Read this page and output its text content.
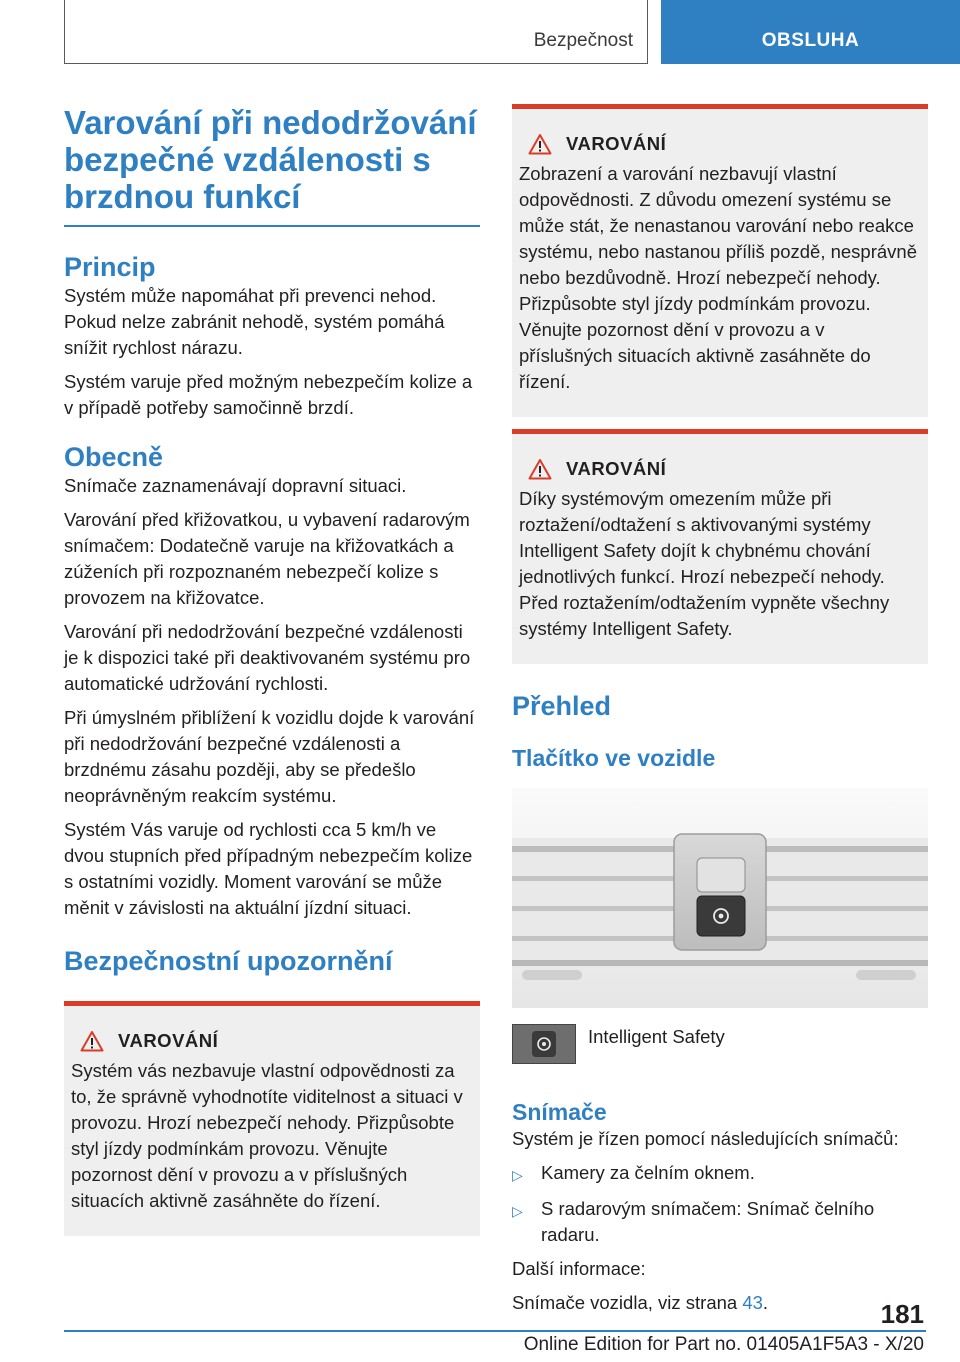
Bezpečnost	OBSLUHA
Varování při nedodržování bezpečné vzdálenosti s brzdnou funkcí
Princip

Systém může napomáhat při prevenci nehod. Pokud nelze zabránit nehodě, systém pomáhá snížit rychlost nárazu.

Systém varuje před možným nebezpečím kolize a v případě potřeby samočinně brzdí.

Obecně

Snímače zaznamenávají dopravní situaci.

Varování před křižovatkou, u vybavení radarovým snímačem: Dodatečně varuje na křižovatkách a zúženích při rozpoznaném nebezpečí kolize s provozem na křižovatce.

Varování při nedodržování bezpečné vzdálenosti je k dispozici také při deaktivovaném systému pro automatické udržování rychlosti.

Při úmyslném přiblížení k vozidlu dojde k varování při nedodržování bezpečné vzdálenosti a brzdnému zásahu později, aby se předešlo neoprávněným reakcím systému.

Systém Vás varuje od rychlosti cca 5 km/h ve dvou stupních před případným nebezpečím kolize s ostatními vozidly. Moment varování se může měnit v závislosti na aktuální jízdní situaci.

Bezpečnostní upozornění
VAROVÁNÍ

Systém vás nezbavuje vlastní odpovědnosti za to, že správně vyhodnotíte viditelnost a situaci v provozu. Hrozí nebezpečí nehody. Přizpůsobte styl jízdy podmínkám provozu. Věnujte pozornost dění v provozu a v příslušných situacích aktivně zasáhněte do řízení.

VAROVÁNÍ

Zobrazení a varování nezbavují vlastní odpovědnosti. Z důvodu omezení systému se může stát, že nenastanou varování nebo reakce systému, nebo nastanou příliš pozdě, nesprávně nebo bezdůvodně. Hrozí nebezpečí nehody. Přizpůsobte styl jízdy podmínkám provozu. Věnujte pozornost dění v provozu a v příslušných situacích aktivně zasáhněte do řízení.

VAROVÁNÍ

Díky systémovým omezením může při roztažení/odtažení s aktivovanými systémy Intelligent Safety dojít k chybnému chování jednotlivých funkcí. Hrozí nebezpečí nehody. Před roztažením/odtažením vypněte všechny systémy Intelligent Safety.

Přehled
Tlačítko ve vozidle
Intelligent Safety
Snímače

Systém je řízen pomocí následujících snímačů:

▷ Kamery za čelním oknem.
▷ S radarovým snímačem: Snímač čelního radaru.

Další informace:

Snímače vozidla, viz strana 43.	181
Online Edition for Part no. 01405A1F5A3 - X/20
